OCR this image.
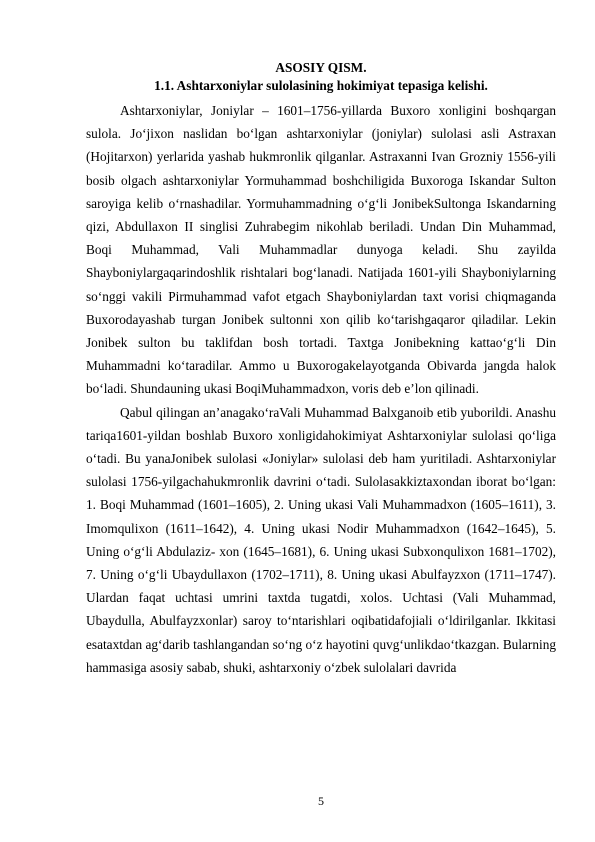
ASOSIY QISM.
1.1. Ashtarxoniylar sulolasining hokimiyat tepasiga kelishi.

Ashtarxoniylar, Joniylar – 1601–1756-yillarda Buxoro xonligini boshqargan sulola. Jo‘jixon naslidan bo‘lgan ashtarxoniylar (joniylar) sulolasi asli Astraxan (Hojitarxon) yerlarida yashab hukmronlik qilganlar. Astraxanni Ivan Grozniy 1556-yili bosib olgach ashtarxoniylar Yormuhammad boshchiligida Buxoroga Iskandar Sulton saroyiga kelib o‘rnashadilar. Yormuhammadning o‘g‘li JonibekSultonga Iskandarning qizi, Abdullaxon II singlisi Zuhrabegim nikohlab beriladi. Undan Din Muhammad, Boqi Muhammad, Vali Muhammadlar dunyoga keladi. Shu zayilda Shayboniylargaqarindoshlik rishtalari bog‘lanadi. Natijada 1601-yili Shayboniylarning so‘nggi vakili Pirmuhammad vafot etgach Shayboniylardan taxt vorisi chiqmaganda Buxorodayashab turgan Jonibek sultonni xon qilib ko‘tarishgaqaror qiladilar. Lekin Jonibek sulton bu taklifdan bosh tortadi. Taxtga Jonibekning kattao‘g‘li Din Muhammadni ko‘taradilar. Ammo u Buxorogakelayotganda Obivarda jangda halok bo‘ladi. Shundauning ukasi BoqiMuhammadxon, voris deb e’lon qilinadi.

Qabul qilingan an’anagako‘raVali Muhammad Balxganoib etib yuborildi. Anashu tariqa1601-yildan boshlab Buxoro xonligidahokimiyat Ashtarxoniylar sulolasi qo‘liga o‘tadi. Bu yanaJonibek sulolasi «Joniylar» sulolasi deb ham yuritiladi. Ashtarxoniylar sulolasi 1756-yilgachahukmronlik davrini o‘tadi. Sulolasakkiztaxondan iborat bo‘lgan: 1. Boqi Muhammad (1601–1605), 2. Uning ukasi Vali Muhammadxon (1605–1611), 3. Imomqulixon (1611–1642), 4. Uning ukasi Nodir Muhammadxon (1642–1645), 5. Uning o‘g‘li Abdulaziz- xon (1645–1681), 6. Uning ukasi Subxonqulixon 1681–1702), 7. Uning o‘g‘li Ubaydullaxon (1702–1711), 8. Uning ukasi Abulfayzxon (1711–1747). Ulardan faqat uchtasi umrini taxtda tugatdi, xolos. Uchtasi (Vali Muhammad, Ubaydulla, Abulfayzxonlar) saroy to‘ntarishlari oqibatidafojiali o‘ldirilganlar. Ikkitasi esataxtdan ag‘darib tashlangandan so‘ng o‘z hayotini quvg‘unlikdao‘tkazgan. Bularning hammasiga asosiy sabab, shuki, ashtarxoniy o‘zbek sulolalari davrida

5
